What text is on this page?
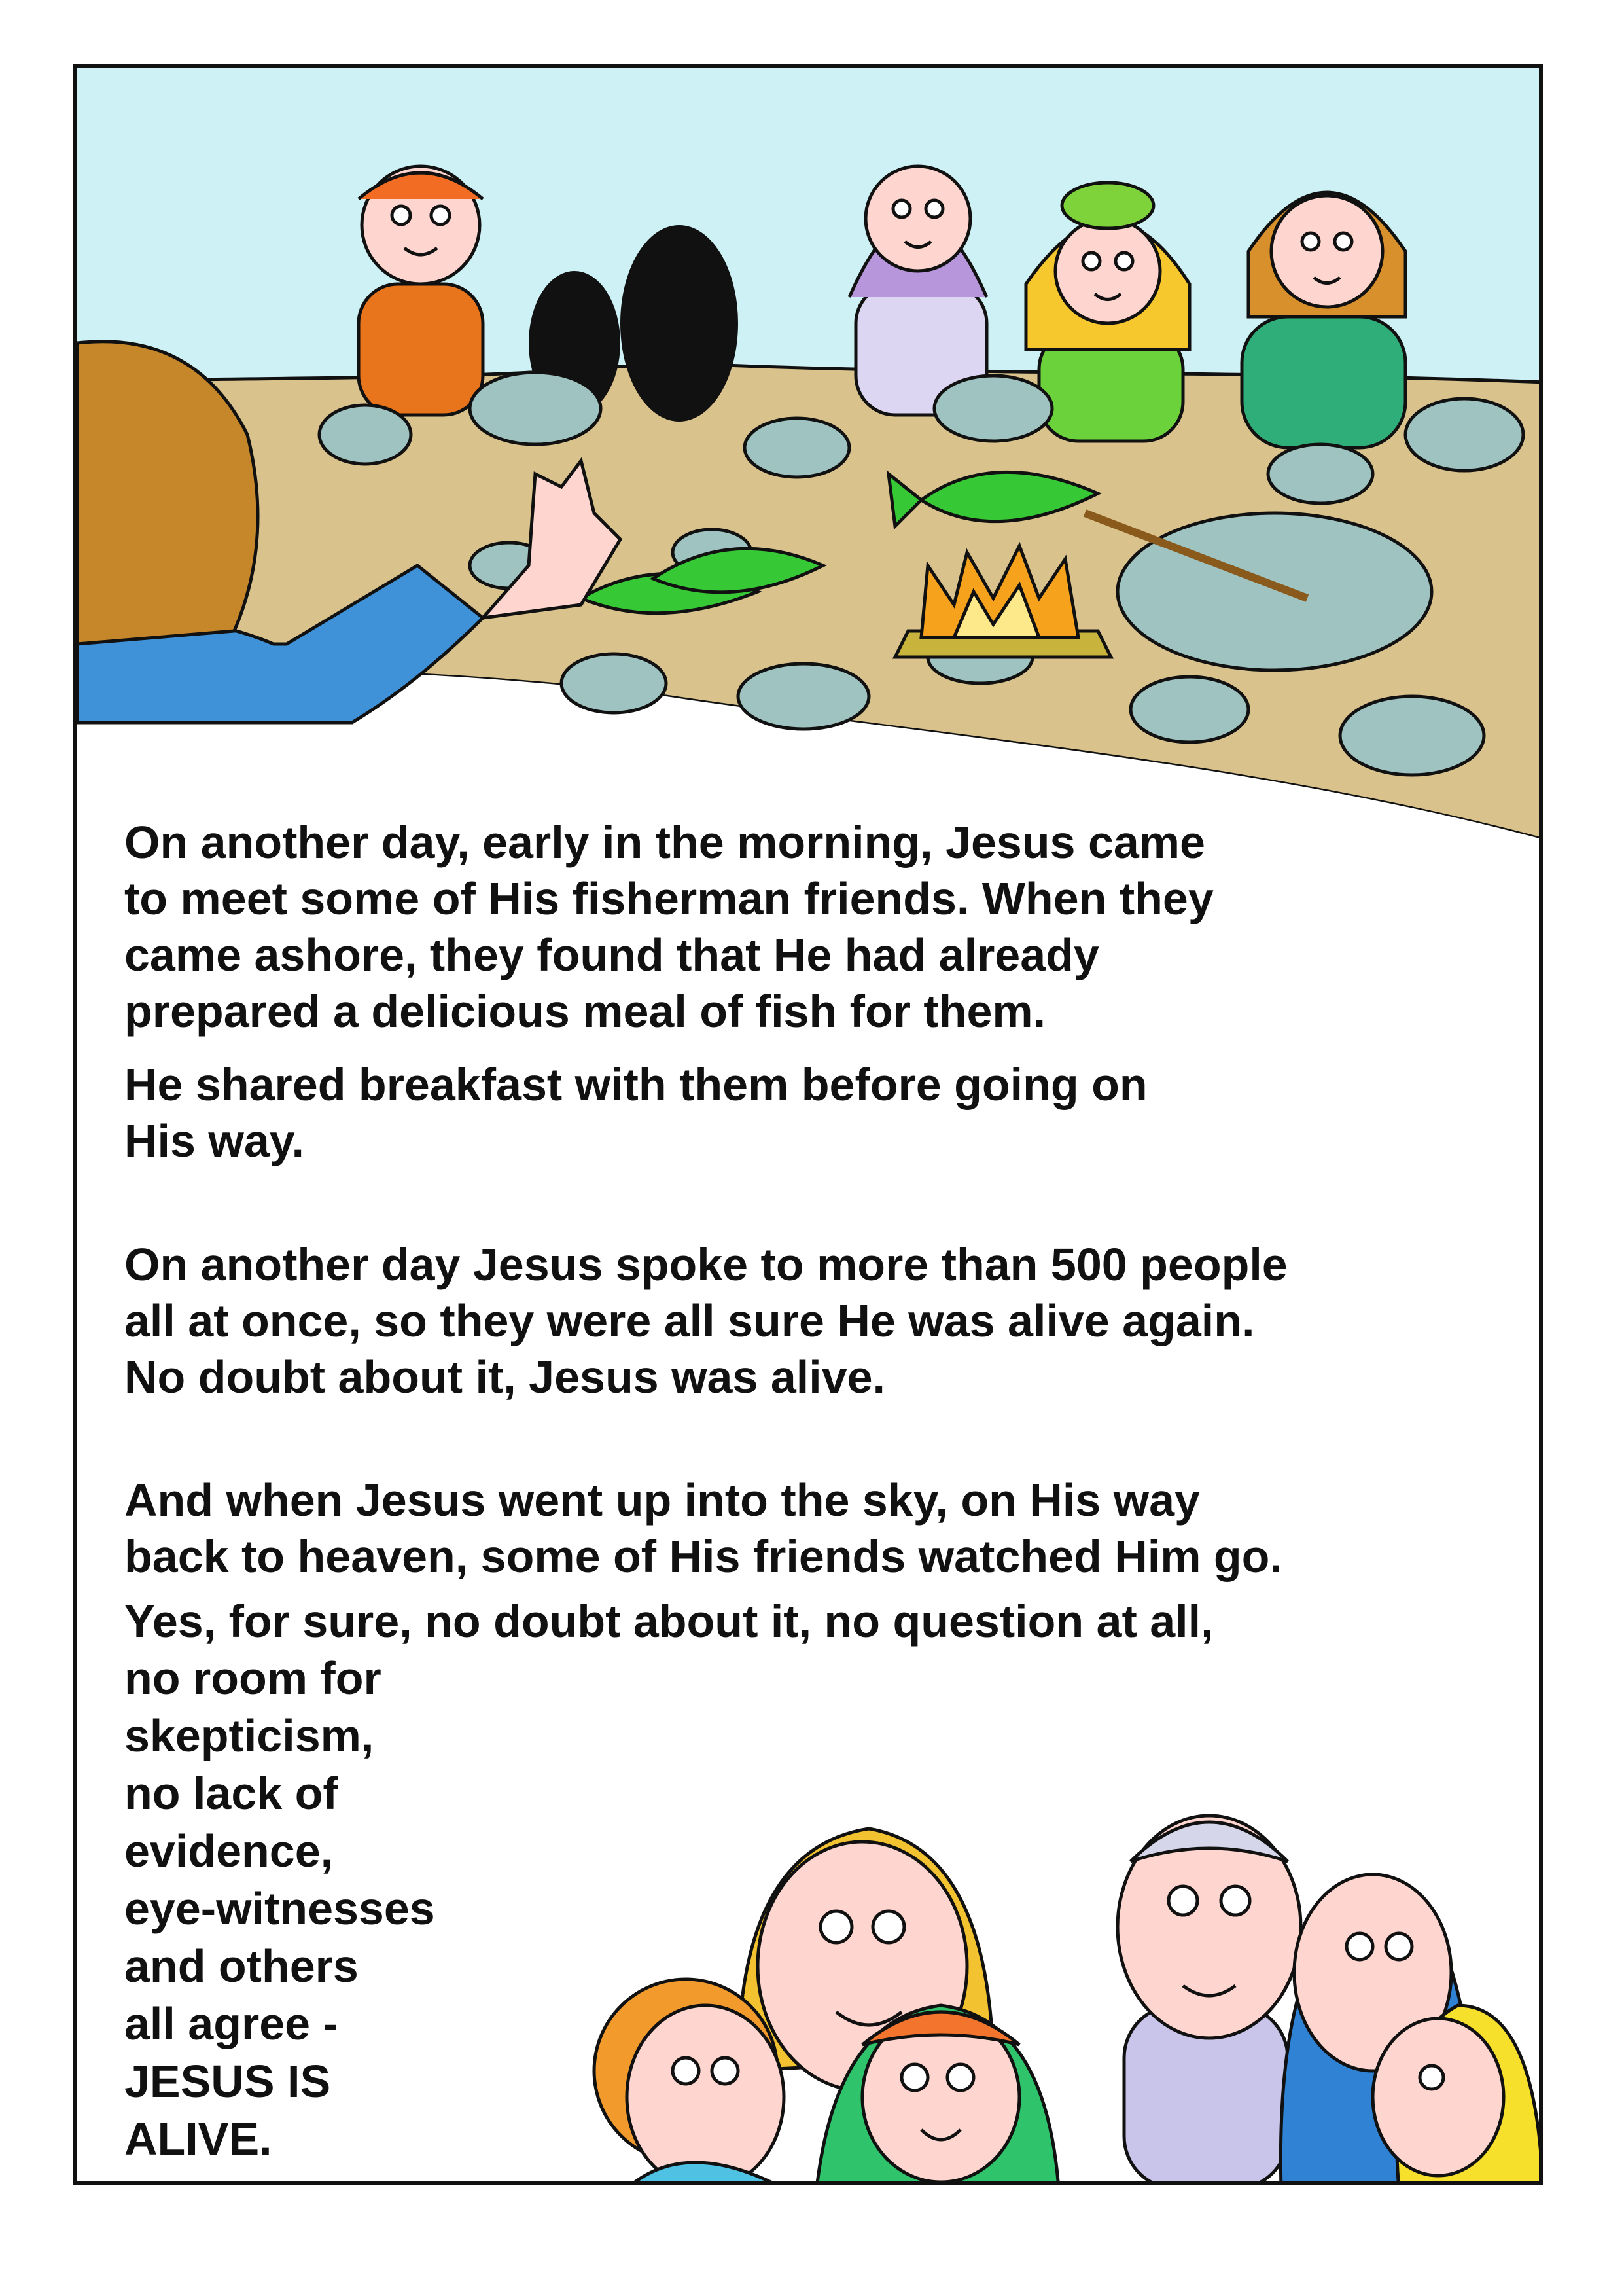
On another day, early in the morning, Jesus came
to meet some of His fisherman friends. When they
came ashore, they found that He had already
prepared a delicious meal of fish for them.

He shared breakfast with them before going on
His way.

On another day Jesus spoke to more than 500 people
all at once, so they were all sure He was alive again.
No doubt about it, Jesus was alive.

And when Jesus went up into the sky, on His way
back to heaven, some of His friends watched Him go.

Yes, for sure, no doubt about it, no question at all,

no room for
skepticism,
no lack of
evidence,
eye-witnesses
and others
all agree -
JESUS IS
ALIVE.
